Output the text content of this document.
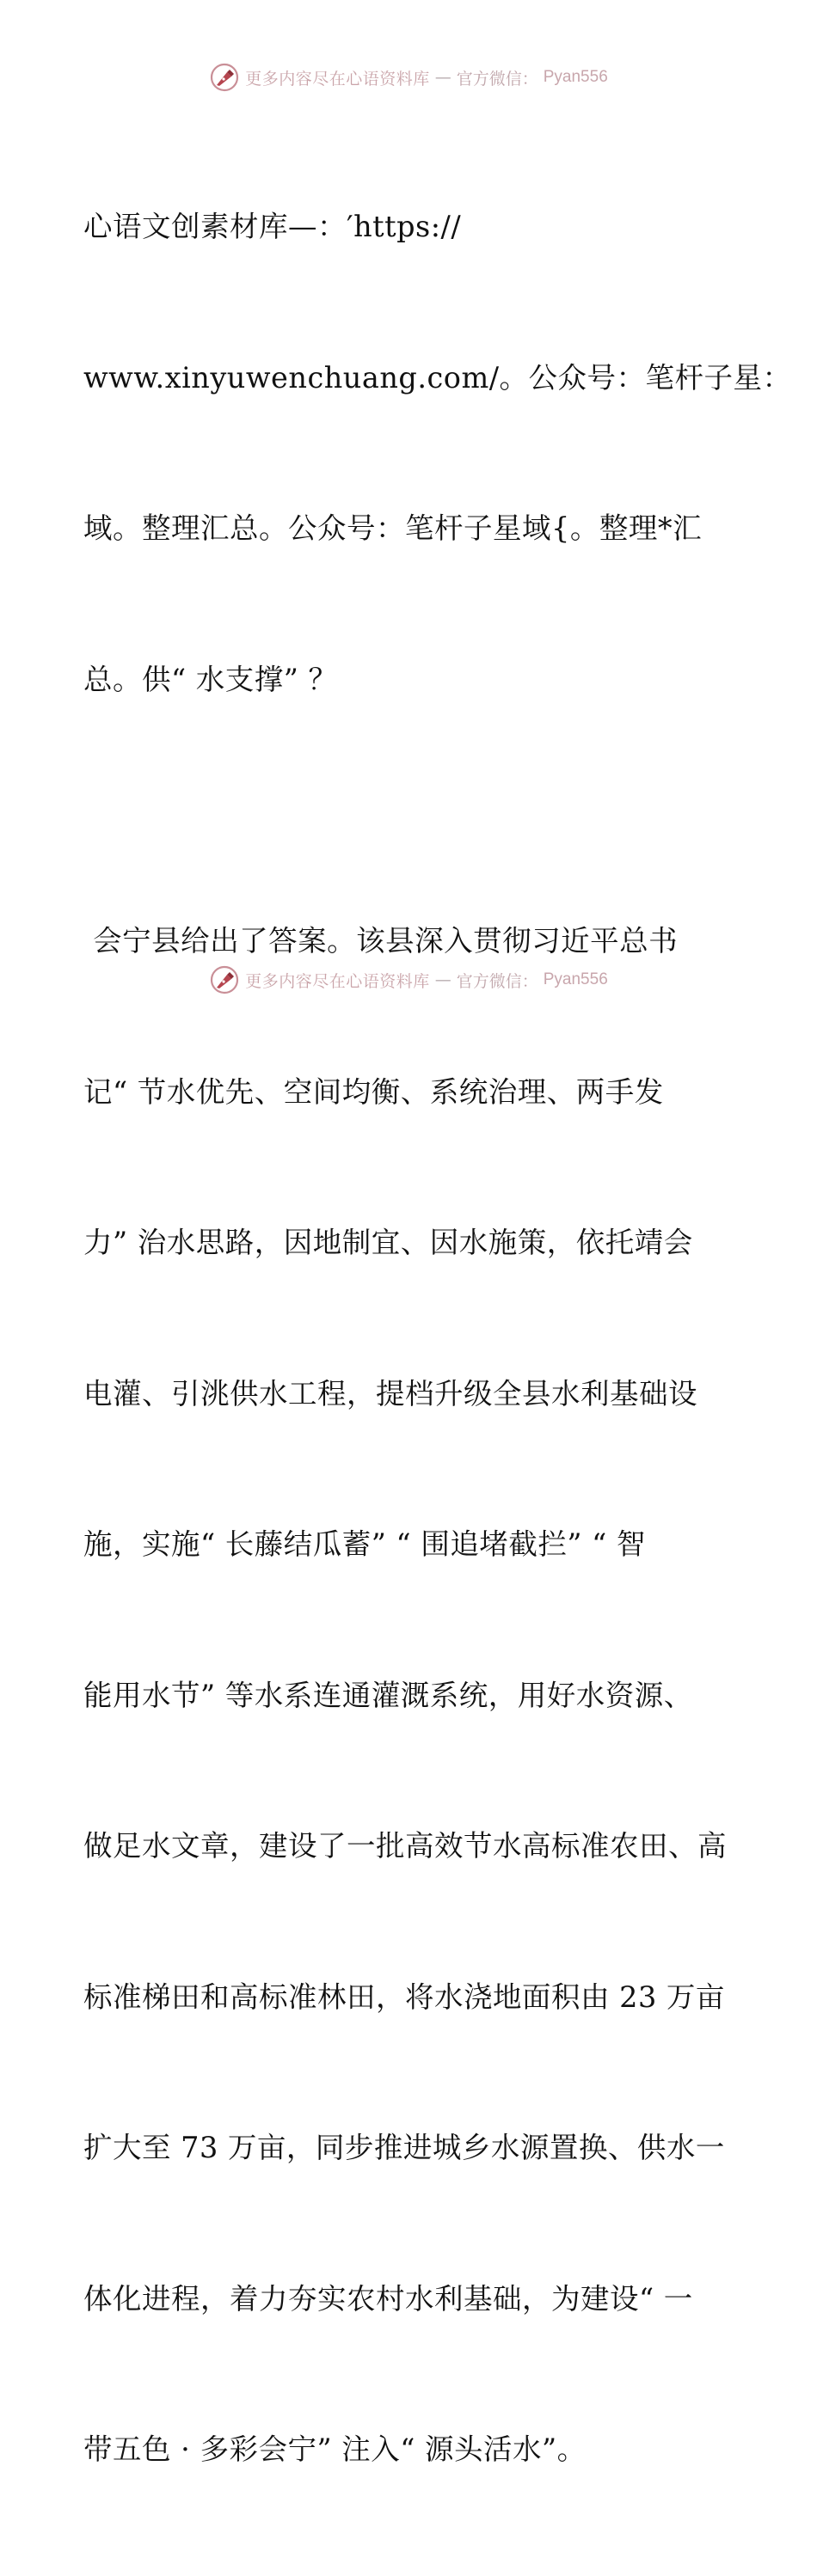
更多内容尽在心语资料库 — 官方微信： Pyan556

心语文创素材库—：′https://

www.xinyuwenchuang.com/。公众号：笔杆子星：

域。整理汇总。公众号：笔杆子星域{。整理*汇

总。供“ 水支撑” ？

会宁县给出了答案。该县深入贯彻习近平总书

记“ 节水优先、空间均衡、系统治理、两手发

力” 治水思路，因地制宜、因水施策，依托靖会

电灌、引洮供水工程，提档升级全县水利基础设

施，实施“ 长藤结瓜蓄” “ 围追堵截拦” “ 智

能用水节” 等水系连通灌溉系统，用好水资源、

做足水文章，建设了一批高效节水高标准农田、高

标准梯田和高标准林田，将水浇地面积由 23 万亩

扩大至 73 万亩，同步推进城乡水源置换、供水一

体化进程，着力夯实农村水利基础，为建设“ 一

带五色 · 多彩会宁” 注入“ 源头活水”。

更多内容尽在心语资料库 — 官方微信： Pyan556
